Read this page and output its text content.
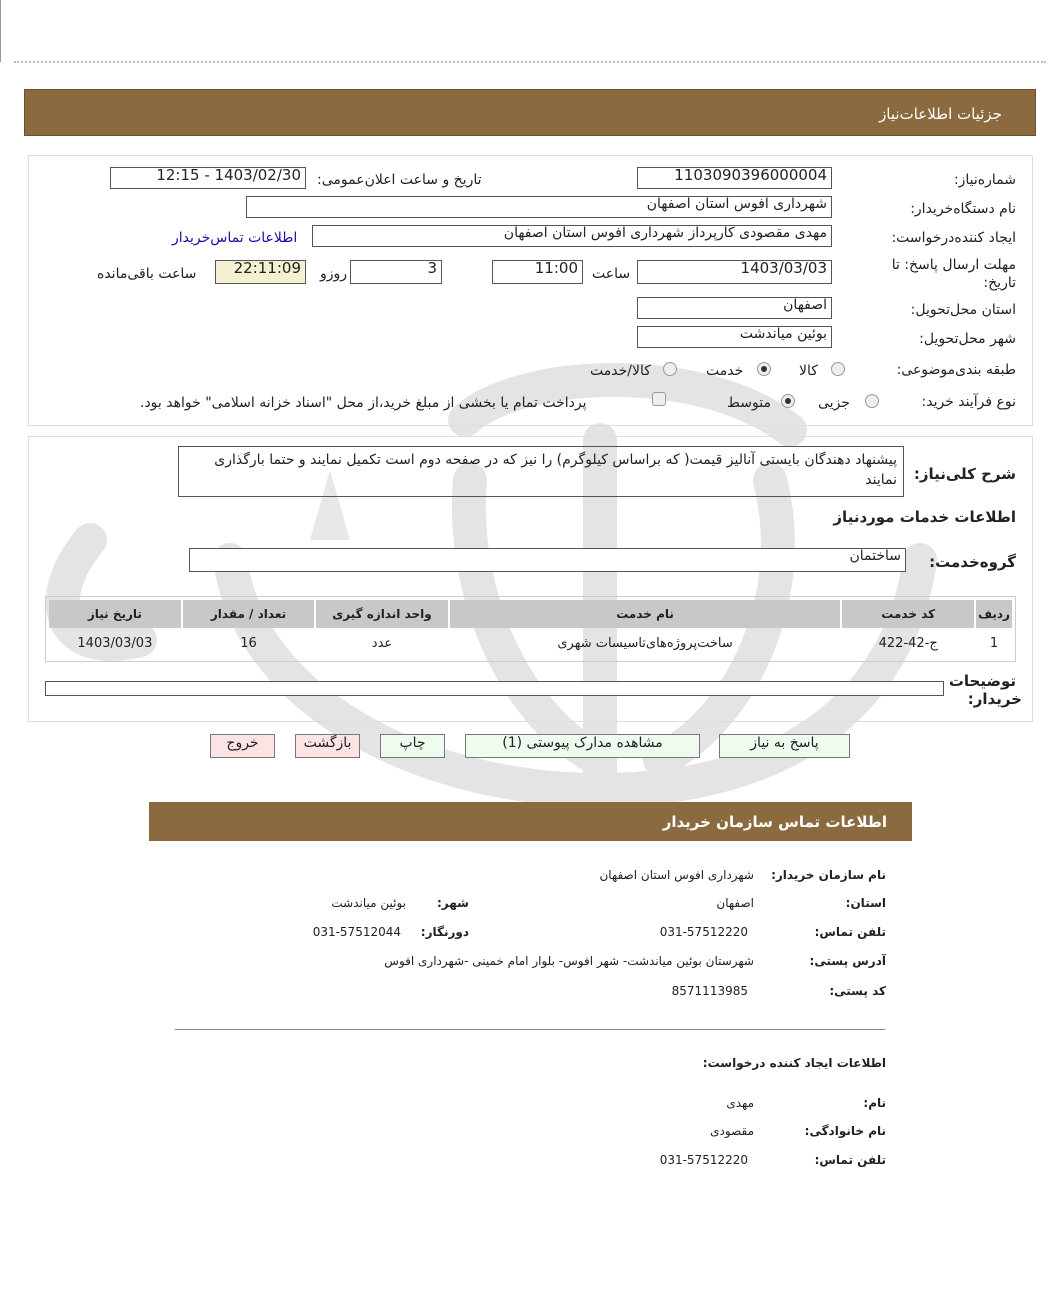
جزئیات اطلاعات‌نیاز
شماره‌نیاز:
1103090396000004
تاریخ و ساعت اعلان‌عمومی:
1403/02/30 - 12:15
نام دستگاه‌خریدار:
شهرداری افوس استان اصفهان
ایجاد کننده‌درخواست:
مهدی مقصودی کارپرداز شهرداری افوس استان اصفهان
اطلاعات تماس‌خریدار
مهلت ارسال پاسخ: تا
تاریخ:
1403/03/03
ساعت
11:00
3
روزو
22:11:09
ساعت باقی‌مانده
استان محل‌تحویل:
اصفهان
شهر محل‌تحویل:
بوئین میاندشت
طبقه بندی‌موضوعی:
کالا
خدمت
کالا/خدمت
نوع فرآیند خرید:
جزیی
متوسط
پرداخت تمام یا بخشی از مبلغ خرید،از محل "اسناد خزانه اسلامی" خواهد بود.
شرح کلی‌نیاز:
پیشنهاد دهندگان بایستی آنالیز قیمت( که براساس کیلوگرم) را نیز که در صفحه دوم است تکمیل نمایند و حتما بارگذاری نمایند
اطلاعات خدمات موردنیاز
گروه‌خدمت:
ساختمان
ردیف	کد خدمت	نام خدمت	واحد اندازه گیری	تعداد / مقدار	تاریخ نیاز
1	ج-42-422	ساخت‌پروژه‌های‌تاسیسات شهری	عدد	16	1403/03/03
توضیحات
خریدار:
پاسخ به نیاز
مشاهده مدارک پیوستی (1)
چاپ
بازگشت
خروج
اطلاعات تماس سازمان خریدار
نام سازمان خریدار:
شهرداری افوس استان اصفهان
استان:
اصفهان
شهر:
بوئین میاندشت
تلفن تماس:
031-57512220
دورنگار:
031-57512044
آدرس پستی:
شهرستان بوئین میاندشت- شهر افوس- بلوار امام خمینی -شهرداری افوس
کد پستی:
8571113985
اطلاعات ایجاد کننده درخواست:
نام:
مهدی
نام خانوادگی:
مقصودی
تلفن تماس:
031-57512220
